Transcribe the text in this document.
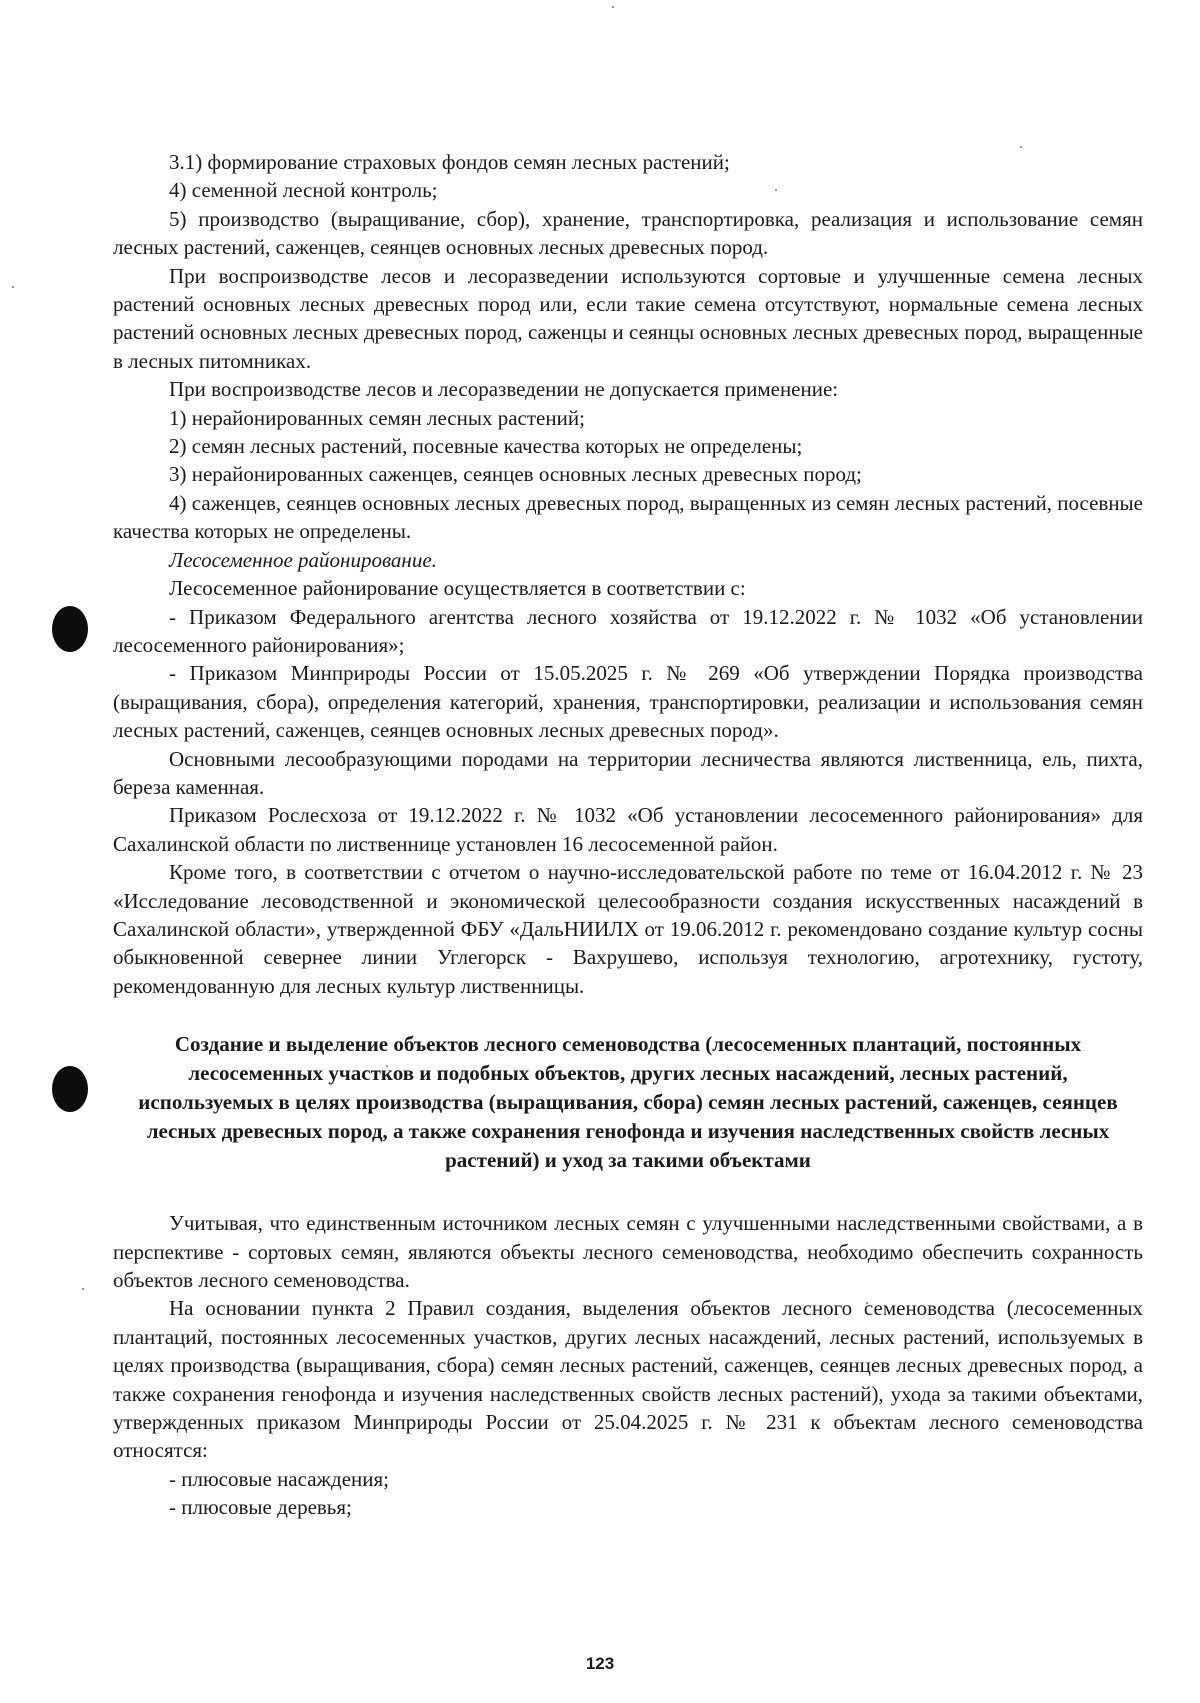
3.1) формирование страховых фондов семян лесных растений;

4) семенной лесной контроль;

5) производство (выращивание, сбор), хранение, транспортировка, реализация и использование семян лесных растений, саженцев, сеянцев основных лесных древесных пород.

При воспроизводстве лесов и лесоразведении используются сортовые и улучшенные семена лесных растений основных лесных древесных пород или, если такие семена отсутствуют, нормальные семена лесных растений основных лесных древесных пород, саженцы и сеянцы основных лесных древесных пород, выращенные в лесных питомниках.

При воспроизводстве лесов и лесоразведении не допускается применение:

1) нерайонированных семян лесных растений;

2) семян лесных растений, посевные качества которых не определены;

3) нерайонированных саженцев, сеянцев основных лесных древесных пород;

4) саженцев, сеянцев основных лесных древесных пород, выращенных из семян лесных растений, посевные качества которых не определены.

Лесосеменное районирование.

Лесосеменное районирование осуществляется в соответствии с:

- Приказом Федерального агентства лесного хозяйства от 19.12.2022 г. № 1032 «Об установлении лесосеменного районирования»;

- Приказом Минприроды России от 15.05.2025 г. № 269 «Об утверждении Порядка производства (выращивания, сбора), определения категорий, хранения, транспортировки, реализации и использования семян лесных растений, саженцев, сеянцев основных лесных древесных пород».

Основными лесообразующими породами на территории лесничества являются лиственница, ель, пихта, береза каменная.

Приказом Рослесхоза от 19.12.2022 г. № 1032 «Об установлении лесосеменного районирования» для Сахалинской области по лиственнице установлен 16 лесосеменной район.

Кроме того, в соответствии с отчетом о научно-исследовательской работе по теме от 16.04.2012 г. № 23 «Исследование лесоводственной и экономической целесообразности создания искусственных насаждений в Сахалинской области», утвержденной ФБУ «ДальНИИЛХ от 19.06.2012 г. рекомендовано создание культур сосны обыкновенной севернее линии Углегорск - Вахрушево, используя технологию, агротехнику, густоту, рекомендованную для лесных культур лиственницы.

Создание и выделение объектов лесного семеноводства (лесосеменных плантаций, постоянных лесосеменных участков и подобных объектов, других лесных насаждений, лесных растений, используемых в целях производства (выращивания, сбора) семян лесных растений, саженцев, сеянцев лесных древесных пород, а также сохранения генофонда и изучения наследственных свойств лесных растений) и уход за такими объектами

Учитывая, что единственным источником лесных семян с улучшенными наследственными свойствами, а в перспективе - сортовых семян, являются объекты лесного семеноводства, необходимо обеспечить сохранность объектов лесного семеноводства.

На основании пункта 2 Правил создания, выделения объектов лесного семеноводства (лесосеменных плантаций, постоянных лесосеменных участков, других лесных насаждений, лесных растений, используемых в целях производства (выращивания, сбора) семян лесных растений, саженцев, сеянцев лесных древесных пород, а также сохранения генофонда и изучения наследственных свойств лесных растений), ухода за такими объектами, утвержденных приказом Минприроды России от 25.04.2025 г. № 231 к объектам лесного семеноводства относятся:

- плюсовые насаждения;

- плюсовые деревья;

123
